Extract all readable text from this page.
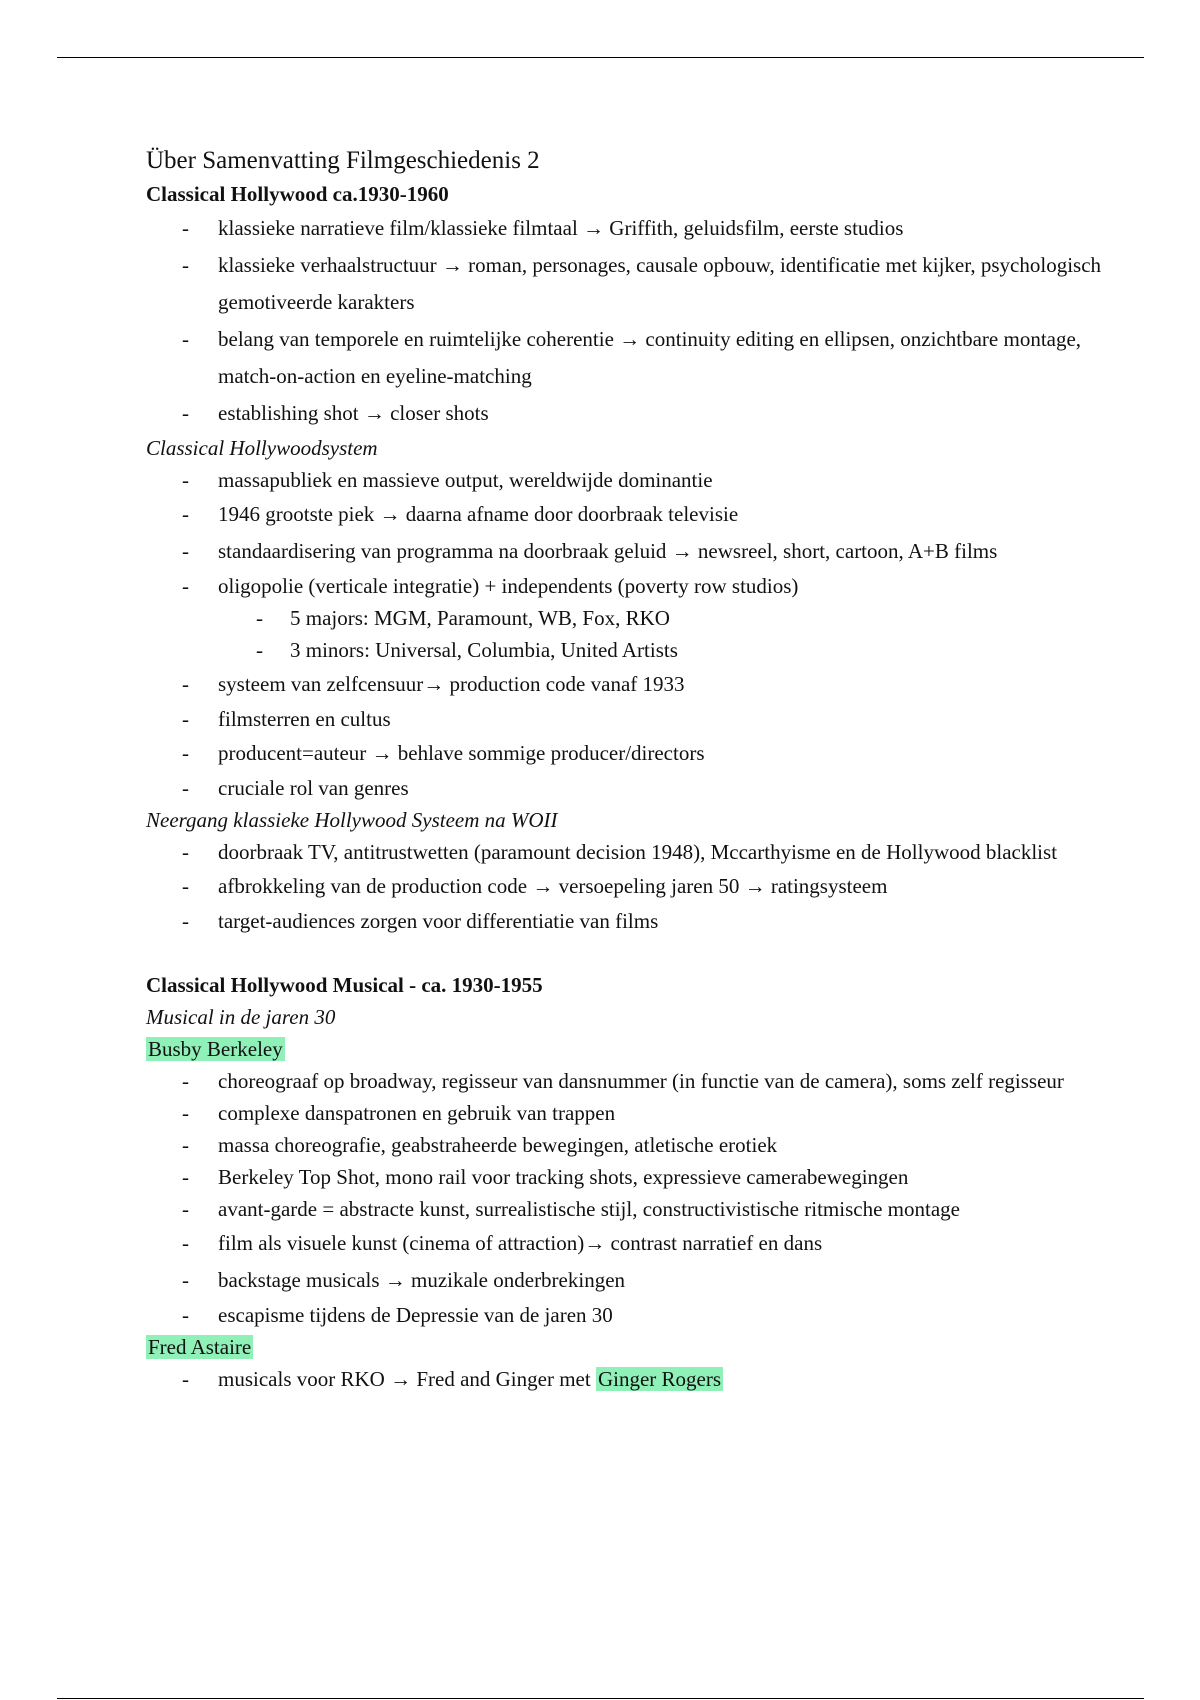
Über Samenvatting Filmgeschiedenis 2

Classical Hollywood ca.1930-1960

- klassieke narratieve film/klassieke filmtaal → Griffith, geluidsfilm, eerste studios
- klassieke verhaalstructuur → roman, personages, causale opbouw, identificatie met kijker, psychologisch gemotiveerde karakters
- belang van temporele en ruimtelijke coherentie → continuity editing en ellipsen, onzichtbare montage, match-on-action en eyeline-matching
- establishing shot → closer shots

Classical Hollywoodsystem

- massapubliek en massieve output, wereldwijde dominantie
- 1946 grootste piek → daarna afname door doorbraak televisie
- standaardisering van programma na doorbraak geluid → newsreel, short, cartoon, A+B films
- oligopolie (verticale integratie) + independents (poverty row studios)
- 5 majors: MGM, Paramount, WB, Fox, RKO
- 3 minors: Universal, Columbia, United Artists
- systeem van zelfcensuur→ production code vanaf 1933
- filmsterren en cultus
- producent=auteur → behlave sommige producer/directors
- cruciale rol van genres

Neergang klassieke Hollywood Systeem na WOII

- doorbraak TV, antitrustwetten (paramount decision 1948), Mccarthyisme en de Hollywood blacklist
- afbrokkeling van de production code → versoepeling jaren 50 → ratingsysteem
- target-audiences zorgen voor differentiatie van films

Classical Hollywood Musical - ca. 1930-1955

Musical in de jaren 30

Busby Berkeley

- choreograaf op broadway, regisseur van dansnummer (in functie van de camera), soms zelf regisseur
- complexe danspatronen en gebruik van trappen
- massa choreografie, geabstraheerde bewegingen, atletische erotiek
- Berkeley Top Shot, mono rail voor tracking shots, expressieve camerabewegingen
- avant-garde = abstracte kunst, surrealistische stijl, constructivistische ritmische montage
- film als visuele kunst (cinema of attraction)→ contrast narratief en dans
- backstage musicals → muzikale onderbrekingen
- escapisme tijdens de Depressie van de jaren 30

Fred Astaire

- musicals voor RKO → Fred and Ginger met Ginger Rogers
